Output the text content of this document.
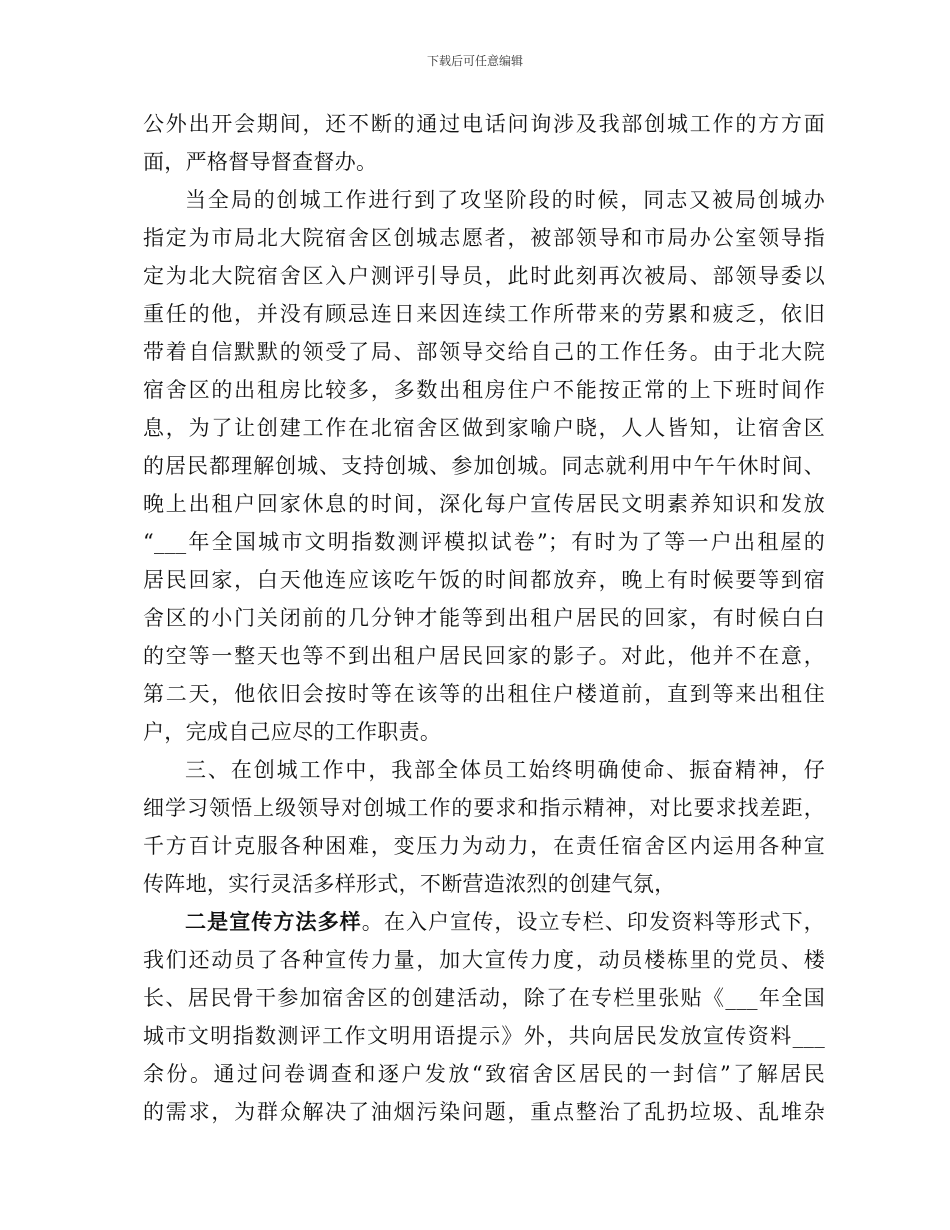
下载后可任意编辑
公外出开会期间，还不断的通过电话问询涉及我部创城工作的方方面
面，严格督导督查督办。
当全局的创城工作进行到了攻坚阶段的时候，同志又被局创城办
指定为市局北大院宿舍区创城志愿者，被部领导和市局办公室领导指
定为北大院宿舍区入户测评引导员，此时此刻再次被局、部领导委以
重任的他，并没有顾忌连日来因连续工作所带来的劳累和疲乏，依旧
带着自信默默的领受了局、部领导交给自己的工作任务。由于北大院
宿舍区的出租房比较多，多数出租房住户不能按正常的上下班时间作
息，为了让创建工作在北宿舍区做到家喻户晓，人人皆知，让宿舍区
的居民都理解创城、支持创城、参加创城。同志就利用中午午休时间、
晚上出租户回家休息的时间，深化每户宣传居民文明素养知识和发放
“___年全国城市文明指数测评模拟试卷”；有时为了等一户出租屋的
居民回家，白天他连应该吃午饭的时间都放弃，晚上有时候要等到宿
舍区的小门关闭前的几分钟才能等到出租户居民的回家，有时候白白
的空等一整天也等不到出租户居民回家的影子。对此，他并不在意，
第二天，他依旧会按时等在该等的出租住户楼道前，直到等来出租住
户，完成自己应尽的工作职责。
三、在创城工作中，我部全体员工始终明确使命、振奋精神，仔
细学习领悟上级领导对创城工作的要求和指示精神，对比要求找差距，
千方百计克服各种困难，变压力为动力，在责任宿舍区内运用各种宣
传阵地，实行灵活多样形式，不断营造浓烈的创建气氛，
二是宣传方法多样。在入户宣传，设立专栏、印发资料等形式下，
我们还动员了各种宣传力量，加大宣传力度，动员楼栋里的党员、楼
长、居民骨干参加宿舍区的创建活动，除了在专栏里张贴《___年全国
城市文明指数测评工作文明用语提示》外，共向居民发放宣传资料___
余份。通过问卷调查和逐户发放“致宿舍区居民的一封信”了解居民
的需求，为群众解决了油烟污染问题，重点整治了乱扔垃圾、乱堆杂
